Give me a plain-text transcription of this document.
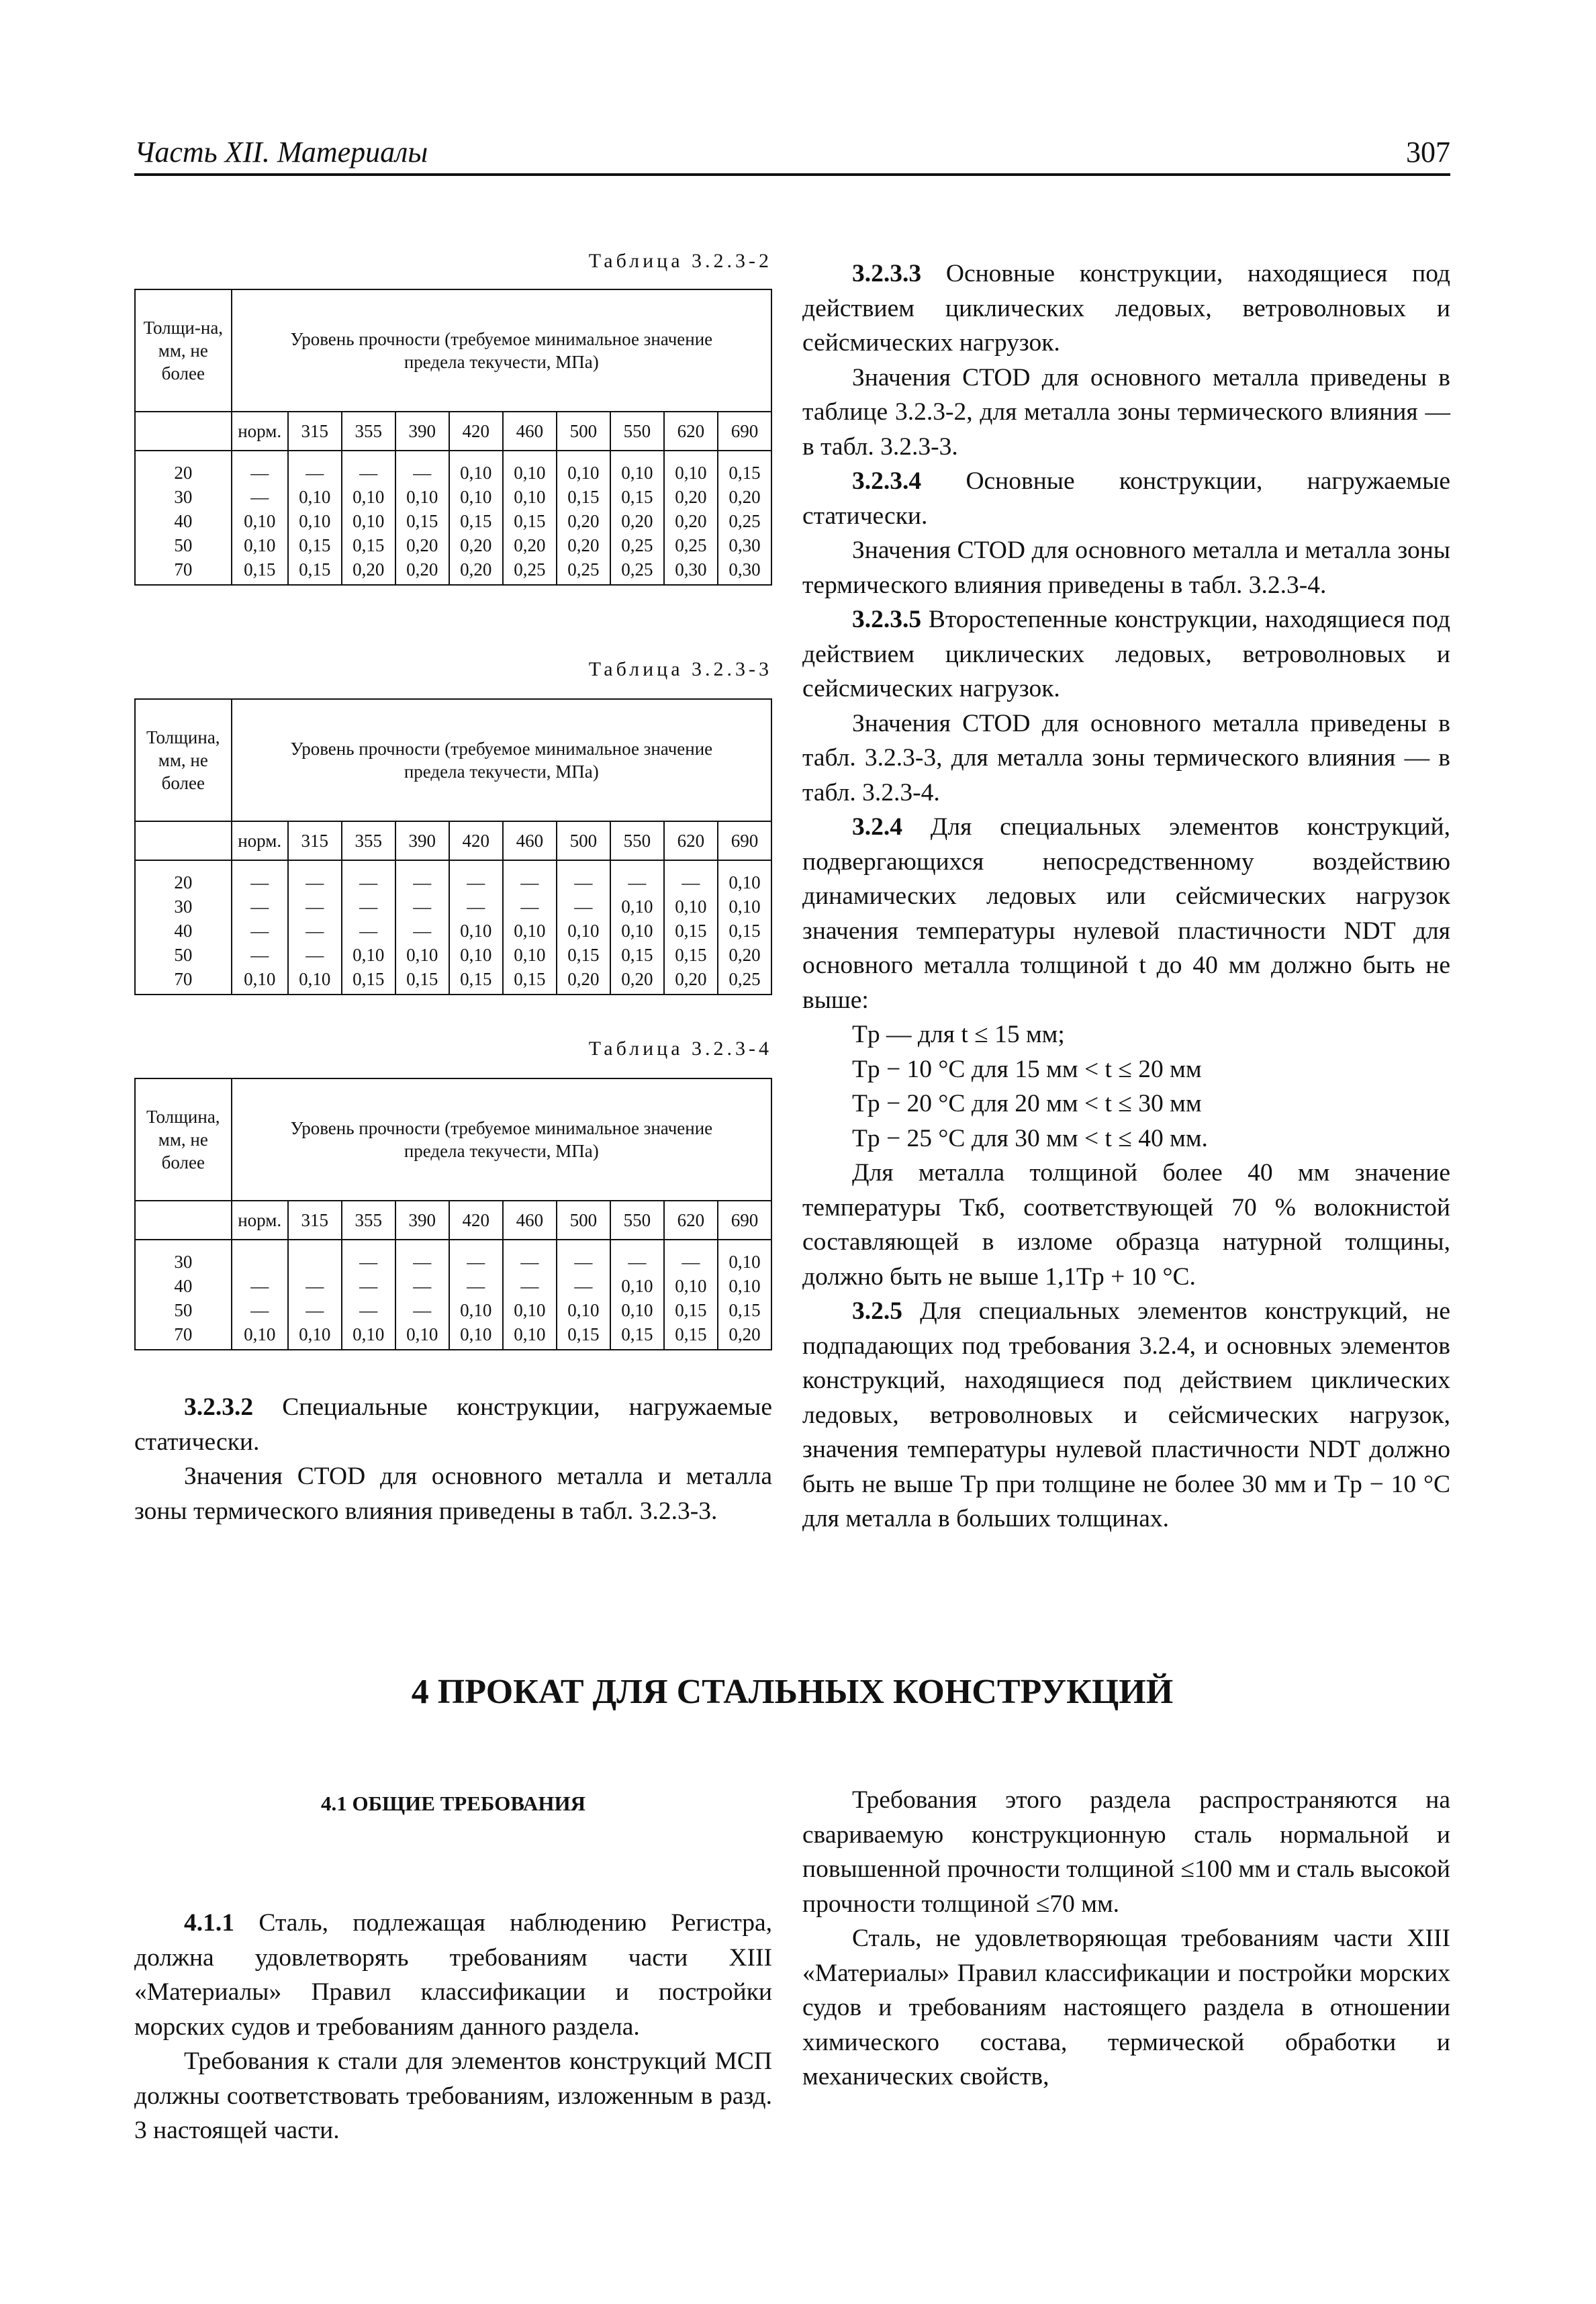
Часть XII. Материалы	307
Таблица 3.2.3-2
Толщи-на, мм, не более	Уровень прочности (требуемое минимальное значение предела текучести, МПа)									
	норм.	315	355	390	420	460	500	550	620	690
20	—	—	—	—	0,10	0,10	0,10	0,10	0,10	0,15
30	—	0,10	0,10	0,10	0,10	0,10	0,15	0,15	0,20	0,20
40	0,10	0,10	0,10	0,15	0,15	0,15	0,20	0,20	0,20	0,25
50	0,10	0,15	0,15	0,20	0,20	0,20	0,20	0,25	0,25	0,30
70	0,15	0,15	0,20	0,20	0,20	0,25	0,25	0,25	0,30	0,30
Таблица 3.2.3-3
Толщина, мм, не более	Уровень прочности (требуемое минимальное значение предела текучести, МПа)									
	норм.	315	355	390	420	460	500	550	620	690
20	—	—	—	—	—	—	—	—	—	0,10
30	—	—	—	—	—	—	—	0,10	0,10	0,10
40	—	—	—	—	0,10	0,10	0,10	0,10	0,15	0,15
50	—	—	0,10	0,10	0,10	0,10	0,15	0,15	0,15	0,20
70	0,10	0,10	0,15	0,15	0,15	0,15	0,20	0,20	0,20	0,25
Таблица 3.2.3-4
Толщина, мм, не более	Уровень прочности (требуемое минимальное значение предела текучести, МПа)									
	норм.	315	355	390	420	460	500	550	620	690
30			—	—	—	—	—	—	—	0,10
40	—	—	—	—	—	—	—	0,10	0,10	0,10
50	—	—	—	—	0,10	0,10	0,10	0,10	0,15	0,15
70	0,10	0,10	0,10	0,10	0,10	0,10	0,15	0,15	0,15	0,20

3.2.3.2 Специальные конструкции, нагружаемые статически.

Значения CTOD для основного металла и металла зоны термического влияния приведены в табл. 3.2.3-3.

3.2.3.3 Основные конструкции, находящиеся под действием циклических ледовых, ветроволновых и сейсмических нагрузок.

Значения CTOD для основного металла приведены в таблице 3.2.3-2, для металла зоны термического влияния — в табл. 3.2.3-3.

3.2.3.4 Основные конструкции, нагружаемые статически.

Значения CTOD для основного металла и металла зоны термического влияния приведены в табл. 3.2.3-4.

3.2.3.5 Второстепенные конструкции, находящиеся под действием циклических ледовых, ветроволновых и сейсмических нагрузок.

Значения CTOD для основного металла приведены в табл. 3.2.3-3, для металла зоны термического влияния — в табл. 3.2.3-4.

3.2.4 Для специальных элементов конструкций, подвергающихся непосредственному воздействию динамических ледовых или сейсмических нагрузок значения температуры нулевой пластичности NDT для основного металла толщиной t до 40 мм должно быть не выше:

Tр — для t ≤ 15 мм;

Tр − 10 °C для 15 мм < t ≤ 20 мм

Tр − 20 °C для 20 мм < t ≤ 30 мм

Tр − 25 °C для 30 мм < t ≤ 40 мм.

Для металла толщиной более 40 мм значение температуры Tкб, соответствующей 70 % волокнистой составляющей в изломе образца натурной толщины, должно быть не выше 1,1Tр + 10 °C.

3.2.5 Для специальных элементов конструкций, не подпадающих под требования 3.2.4, и основных элементов конструкций, находящиеся под действием циклических ледовых, ветроволновых и сейсмических нагрузок, значения температуры нулевой пластичности NDT должно быть не выше Tр при толщине не более 30 мм и Tр − 10 °C для металла в больших толщинах.

4 ПРОКАТ ДЛЯ СТАЛЬНЫХ КОНСТРУКЦИЙ
4.1 ОБЩИЕ ТРЕБОВАНИЯ

4.1.1 Сталь, подлежащая наблюдению Регистра, должна удовлетворять требованиям части XIII «Материалы» Правил классификации и постройки морских судов и требованиям данного раздела.

Требования к стали для элементов конструкций МСП должны соответствовать требованиям, изложенным в разд. 3 настоящей части.

Требования этого раздела распространяются на свариваемую конструкционную сталь нормальной и повышенной прочности толщиной ≤100 мм и сталь высокой прочности толщиной ≤70 мм.

Сталь, не удовлетворяющая требованиям части XIII «Материалы» Правил классификации и постройки морских судов и требованиям настоящего раздела в отношении химического состава, термической обработки и механических свойств,
